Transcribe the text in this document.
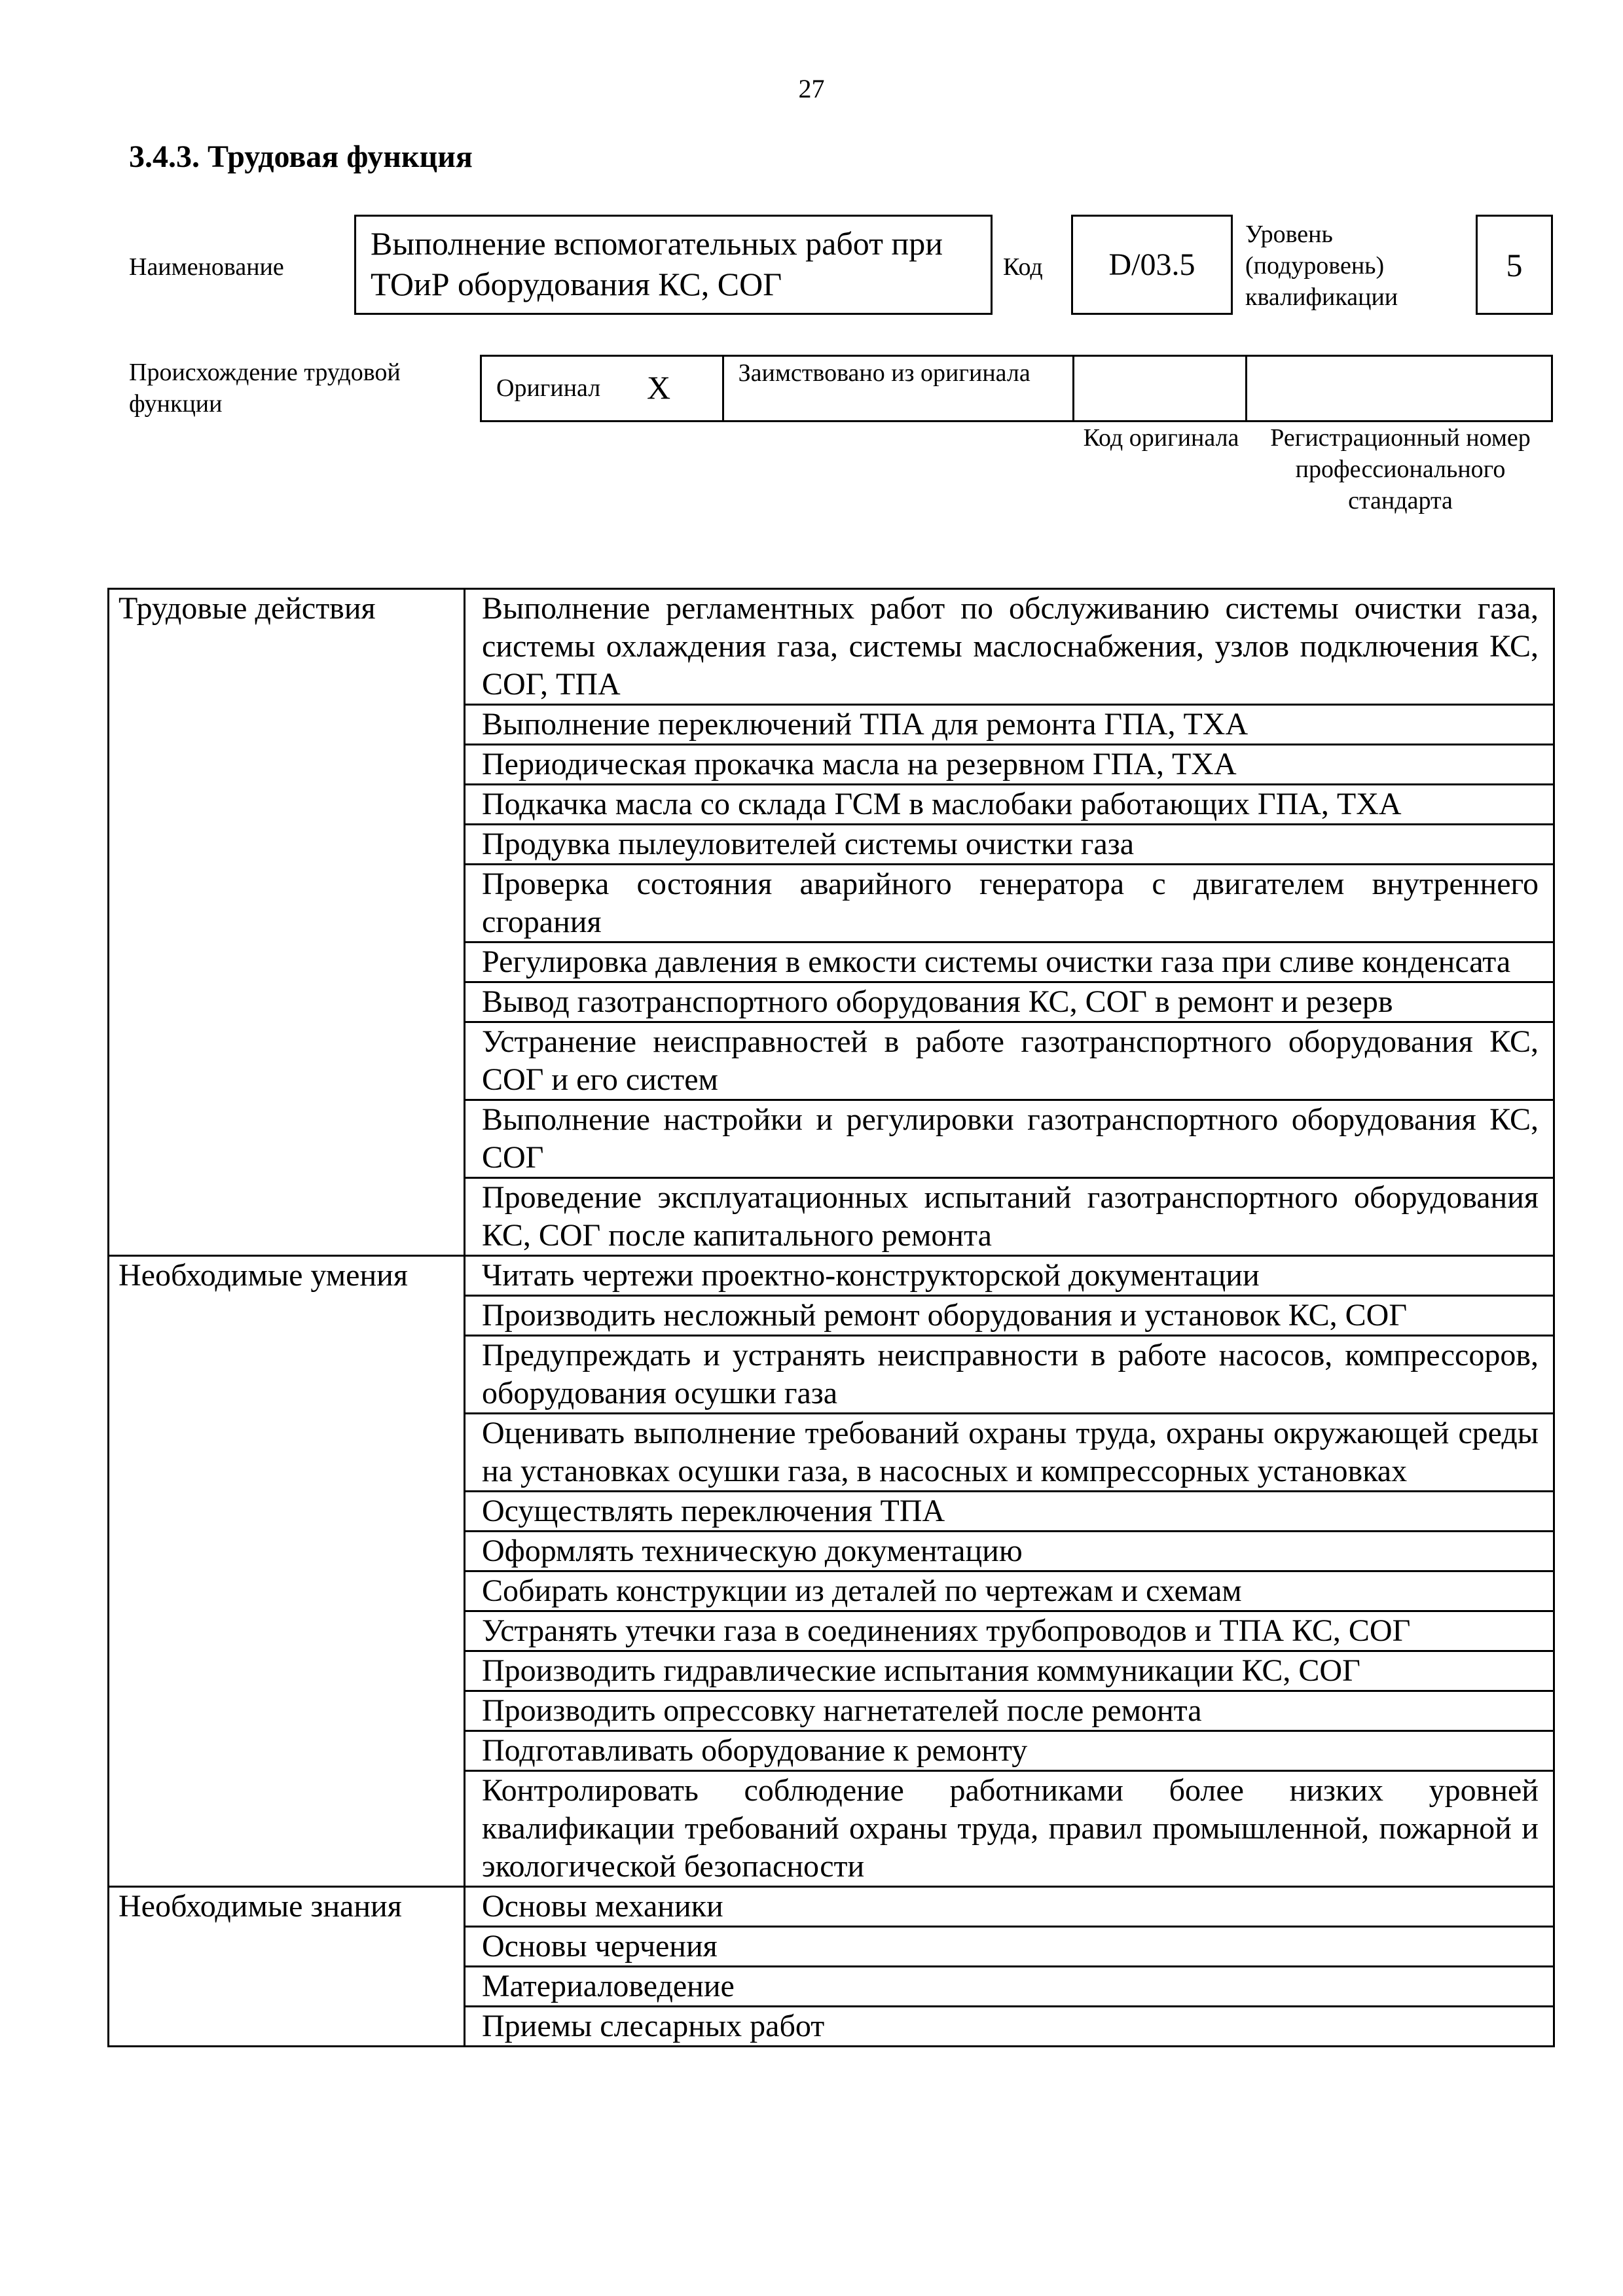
27
3.4.3. Трудовая функция
Наименование
Выполнение вспомогательных работ при ТОиР оборудования КС, СОГ	Код	D/03.5
Уровень (подуровень) квалификации
5
Происхождение трудовой функции
Оригинал X	Заимствовано из оригинала
Код оригинала	Регистрационный номер профессионального стандарта
Трудовые действия	Выполнение регламентных работ по обслуживанию системы очистки газа, системы охлаждения газа, системы маслоснабжения, узлов подключения КС, СОГ, ТПА
	Выполнение переключений ТПА для ремонта ГПА, ТХА
	Периодическая прокачка масла на резервном ГПА, ТХА
	Подкачка масла со склада ГСМ в маслобаки работающих ГПА, ТХА
	Продувка пылеуловителей системы очистки газа
	Проверка состояния аварийного генератора с двигателем внутреннего сгорания
	Регулировка давления в емкости системы очистки газа при сливе конденсата
	Вывод газотранспортного оборудования КС, СОГ в ремонт и резерв
	Устранение неисправностей в работе газотранспортного оборудования КС, СОГ и его систем
	Выполнение настройки и регулировки газотранспортного оборудования КС, СОГ
	Проведение эксплуатационных испытаний газотранспортного оборудования КС, СОГ после капитального ремонта
Необходимые умения	Читать чертежи проектно-конструкторской документации
	Производить несложный ремонт оборудования и установок КС, СОГ
	Предупреждать и устранять неисправности в работе насосов, компрессоров, оборудования осушки газа
	Оценивать выполнение требований охраны труда, охраны окружающей среды на установках осушки газа, в насосных и компрессорных установках
	Осуществлять переключения ТПА
	Оформлять техническую документацию
	Собирать конструкции из деталей по чертежам и схемам
	Устранять утечки газа в соединениях трубопроводов и ТПА КС, СОГ
	Производить гидравлические испытания коммуникации КС, СОГ
	Производить опрессовку нагнетателей после ремонта
	Подготавливать оборудование к ремонту
	Контролировать соблюдение работниками более низких уровней квалификации требований охраны труда, правил промышленной, пожарной и экологической безопасности
Необходимые знания	Основы механики
	Основы черчения
	Материаловедение
	Приемы слесарных работ
